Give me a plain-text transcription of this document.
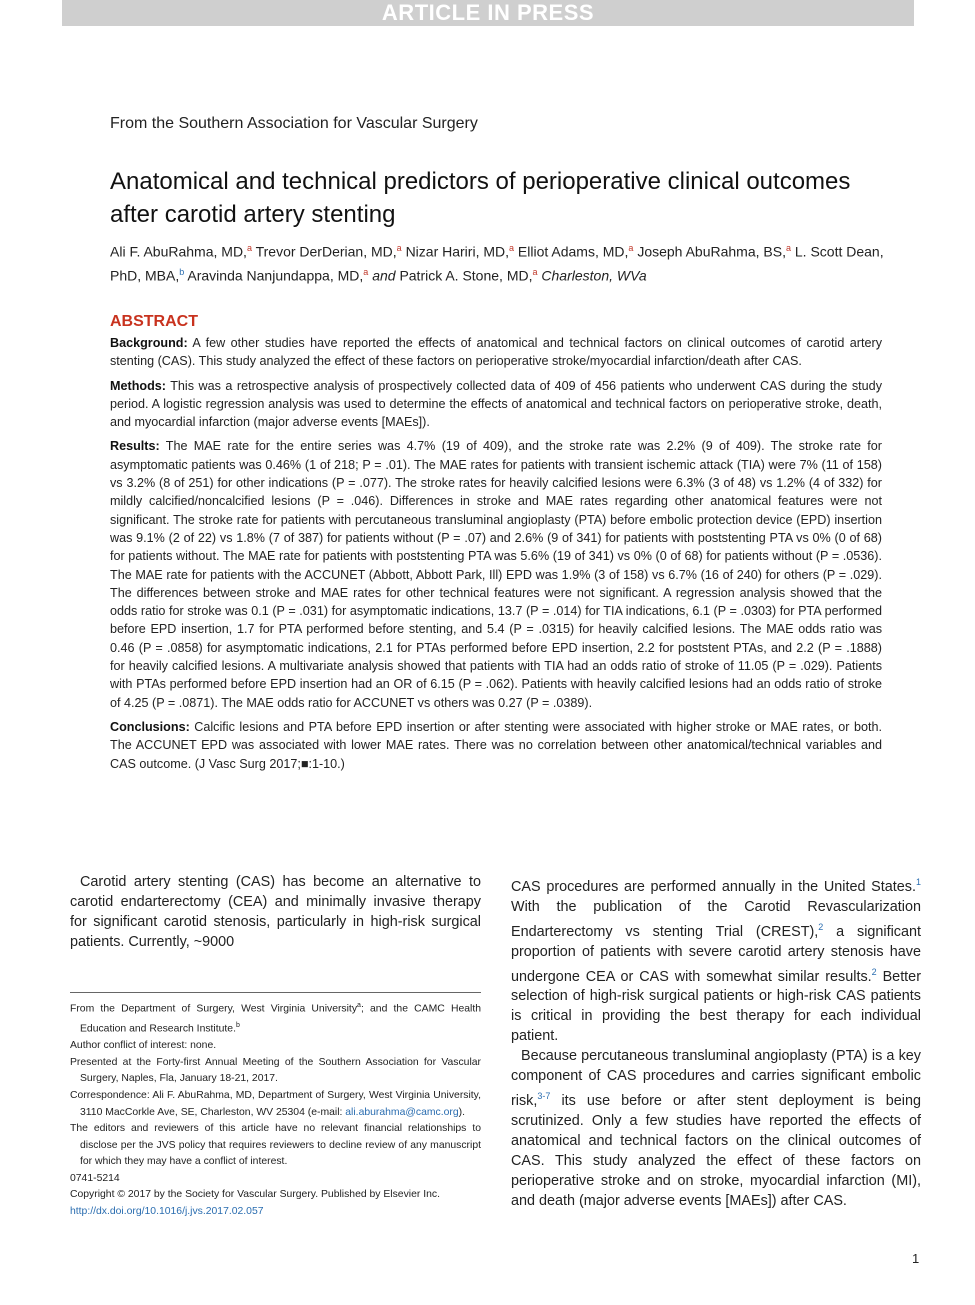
ARTICLE IN PRESS
From the Southern Association for Vascular Surgery
Anatomical and technical predictors of perioperative clinical outcomes after carotid artery stenting
Ali F. AbuRahma, MD,$^a$ Trevor DerDerian, MD,$^a$ Nizar Hariri, MD,$^a$ Elliot Adams, MD,$^a$ Joseph AbuRahma, BS,$^a$ L. Scott Dean, PhD, MBA,$^b$ Aravinda Nanjundappa, MD,$^a$ and Patrick A. Stone, MD,$^a$ Charleston, WVa
ABSTRACT

Background: A few other studies have reported the effects of anatomical and technical factors on clinical outcomes of carotid artery stenting (CAS). This study analyzed the effect of these factors on perioperative stroke/myocardial infarction/death after CAS.

Methods: This was a retrospective analysis of prospectively collected data of 409 of 456 patients who underwent CAS during the study period. A logistic regression analysis was used to determine the effects of anatomical and technical factors on perioperative stroke, death, and myocardial infarction (major adverse events [MAEs]).

Results: The MAE rate for the entire series was 4.7% (19 of 409), and the stroke rate was 2.2% (9 of 409). The stroke rate for asymptomatic patients was 0.46% (1 of 218; P = .01). The MAE rates for patients with transient ischemic attack (TIA) were 7% (11 of 158) vs 3.2% (8 of 251) for other indications (P = .077). The stroke rates for heavily calcified lesions were 6.3% (3 of 48) vs 1.2% (4 of 332) for mildly calcified/noncalcified lesions (P = .046). Differences in stroke and MAE rates regarding other anatomical features were not significant. The stroke rate for patients with percutaneous transluminal angioplasty (PTA) before embolic protection device (EPD) insertion was 9.1% (2 of 22) vs 1.8% (7 of 387) for patients without (P = .07) and 2.6% (9 of 341) for patients with poststenting PTA vs 0% (0 of 68) for patients without. The MAE rate for patients with poststenting PTA was 5.6% (19 of 341) vs 0% (0 of 68) for patients without (P = .0536). The MAE rate for patients with the ACCUNET (Abbott, Abbott Park, Ill) EPD was 1.9% (3 of 158) vs 6.7% (16 of 240) for others (P = .029). The differences between stroke and MAE rates for other technical features were not significant. A regression analysis showed that the odds ratio for stroke was 0.1 (P = .031) for asymptomatic indications, 13.7 (P = .014) for TIA indications, 6.1 (P = .0303) for PTA performed before EPD insertion, 1.7 for PTA performed before stenting, and 5.4 (P = .0315) for heavily calcified lesions. The MAE odds ratio was 0.46 (P = .0858) for asymptomatic indications, 2.1 for PTAs performed before EPD insertion, 2.2 for poststent PTAs, and 2.2 (P = .1888) for heavily calcified lesions. A multivariate analysis showed that patients with TIA had an odds ratio of stroke of 11.05 (P = .029). Patients with PTAs performed before EPD insertion had an OR of 6.15 (P = .062). Patients with heavily calcified lesions had an odds ratio of stroke of 4.25 (P = .0871). The MAE odds ratio for ACCUNET vs others was 0.27 (P = .0389).

Conclusions: Calcific lesions and PTA before EPD insertion or after stenting were associated with higher stroke or MAE rates, or both. The ACCUNET EPD was associated with lower MAE rates. There was no correlation between other anatomical/technical variables and CAS outcome. (J Vasc Surg 2017;■:1-10.)

Carotid artery stenting (CAS) has become an alternative to carotid endarterectomy (CEA) and minimally invasive therapy for significant carotid stenosis, particularly in high-risk surgical patients. Currently, ~9000

From the Department of Surgery, West Virginia University$^a$; and the CAMC Health Education and Research Institute.$^b$
Author conflict of interest: none.
Presented at the Forty-first Annual Meeting of the Southern Association for Vascular Surgery, Naples, Fla, January 18-21, 2017.
Correspondence: Ali F. AbuRahma, MD, Department of Surgery, West Virginia University, 3110 MacCorkle Ave, SE, Charleston, WV 25304 (e-mail: ali.aburahma@camc.org).
The editors and reviewers of this article have no relevant financial relationships to disclose per the JVS policy that requires reviewers to decline review of any manuscript for which they may have a conflict of interest.
0741-5214
Copyright © 2017 by the Society for Vascular Surgery. Published by Elsevier Inc.
http://dx.doi.org/10.1016/j.jvs.2017.02.057

CAS procedures are performed annually in the United States.$^1$ With the publication of the Carotid Revascularization Endarterectomy vs stenting Trial (CREST),$^2$ a significant proportion of patients with severe carotid artery stenosis have undergone CEA or CAS with somewhat similar results.$^2$ Better selection of high-risk surgical patients or high-risk CAS patients is critical in providing the best therapy for each individual patient.

Because percutaneous transluminal angioplasty (PTA) is a key component of CAS procedures and carries significant embolic risk,$^{3-7}$ its use before or after stent deployment is being scrutinized. Only a few studies have reported the effects of anatomical and technical factors on the clinical outcomes of CAS. This study analyzed the effect of these factors on perioperative stroke and on stroke, myocardial infarction (MI), and death (major adverse events [MAEs]) after CAS.

1
